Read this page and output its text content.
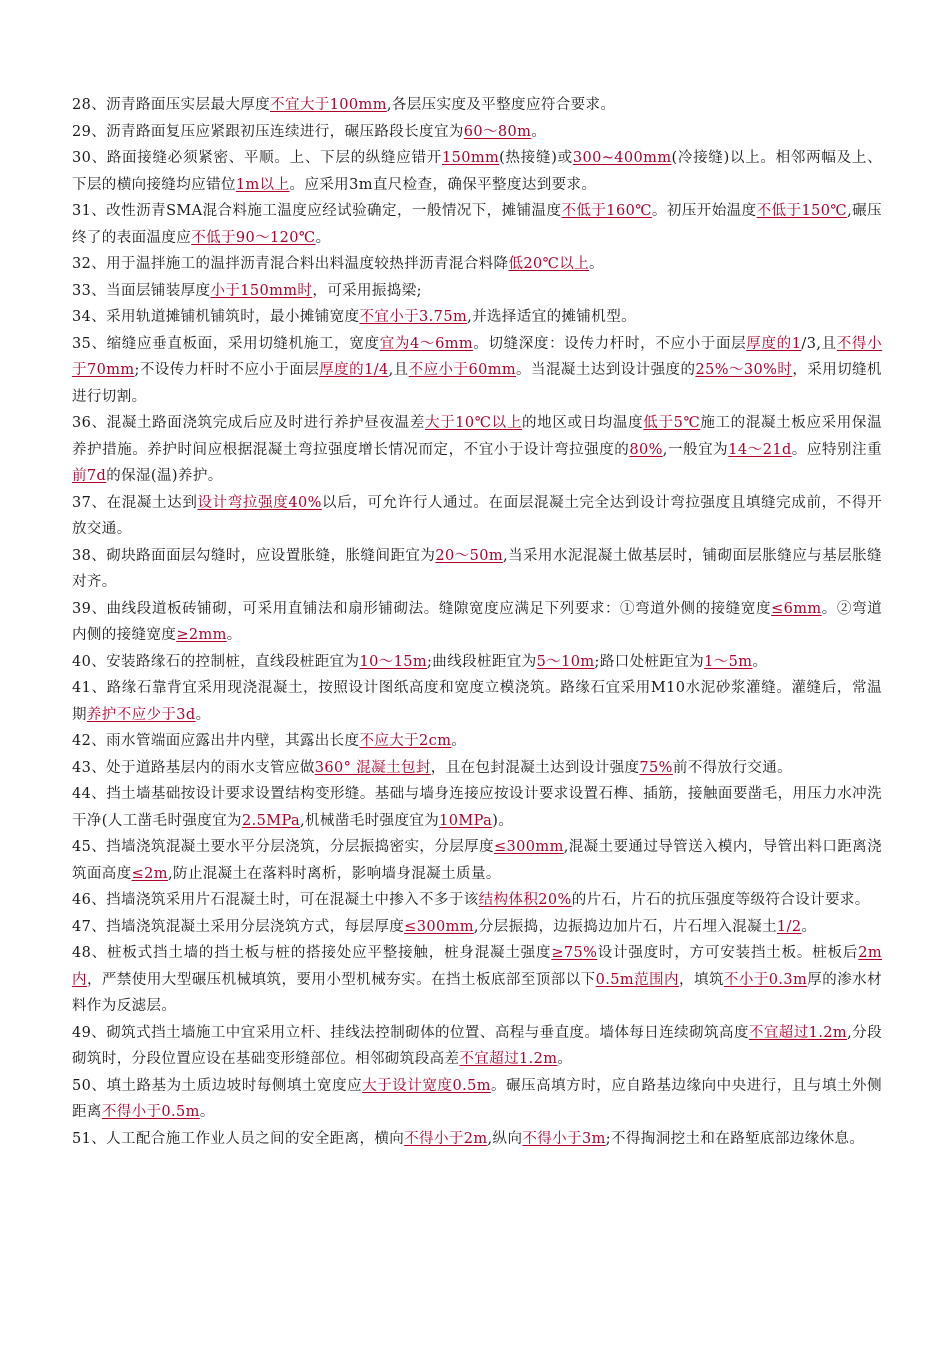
28、沥青路面压实层最大厚度不宜大于100mm,各层压实度及平整度应符合要求。

29、沥青路面复压应紧跟初压连续进行，碾压路段长度宜为60～80m。

30、路面接缝必须紧密、平顺。上、下层的纵缝应错开150mm(热接缝)或300~400mm(冷接缝)以上。相邻两幅及上、下层的横向接缝均应错位1m以上。应采用3m直尺检查，确保平整度达到要求。

31、改性沥青SMA混合料施工温度应经试验确定，一般情况下，摊铺温度不低于160℃。初压开始温度不低于150℃,碾压终了的表面温度应不低于90～120℃。

32、用于温拌施工的温拌沥青混合料出料温度较热拌沥青混合料降低20℃以上。

33、当面层铺装厚度小于150mm时，可采用振捣梁;

34、采用轨道摊铺机铺筑时，最小摊铺宽度不宜小于3.75m,并选择适宜的摊铺机型。

35、缩缝应垂直板面，采用切缝机施工，宽度宜为4～6mm。切缝深度：设传力杆时，不应小于面层厚度的1/3,且不得小于70mm;不设传力杆时不应小于面层厚度的1/4,且不应小于60mm。当混凝土达到设计强度的25%～30%时，采用切缝机进行切割。

36、混凝土路面浇筑完成后应及时进行养护昼夜温差大于10℃以上的地区或日均温度低于5℃施工的混凝土板应采用保温养护措施。养护时间应根据混凝土弯拉强度增长情况而定，不宜小于设计弯拉强度的80%,一般宜为14～21d。应特别注重前7d的保湿(温)养护。

37、在混凝土达到设计弯拉强度40%以后，可允许行人通过。在面层混凝土完全达到设计弯拉强度且填缝完成前，不得开放交通。

38、砌块路面面层勾缝时，应设置胀缝，胀缝间距宜为20～50m,当采用水泥混凝土做基层时，铺砌面层胀缝应与基层胀缝对齐。

39、曲线段道板砖铺砌，可采用直铺法和扇形铺砌法。缝隙宽度应满足下列要求：①弯道外侧的接缝宽度≤6mm。②弯道内侧的接缝宽度≥2mm。

40、安装路缘石的控制桩，直线段桩距宜为10～15m;曲线段桩距宜为5～10m;路口处桩距宜为1～5m。

41、路缘石靠背宜采用现浇混凝土，按照设计图纸高度和宽度立模浇筑。路缘石宜采用M10水泥砂浆灌缝。灌缝后，常温期养护不应少于3d。

42、雨水管端面应露出井内壁，其露出长度不应大于2cm。

43、处于道路基层内的雨水支管应做360° 混凝土包封，且在包封混凝土达到设计强度75%前不得放行交通。

44、挡土墙基础按设计要求设置结构变形缝。基础与墙身连接应按设计要求设置石榫、插筋，接触面要凿毛，用压力水冲洗干净(人工凿毛时强度宜为2.5MPa,机械凿毛时强度宜为10MPa)。

45、挡墙浇筑混凝土要水平分层浇筑，分层振捣密实，分层厚度≤300mm,混凝土要通过导管送入模内，导管出料口距离浇筑面高度≤2m,防止混凝土在落料时离析，影响墙身混凝土质量。

46、挡墙浇筑采用片石混凝土时，可在混凝土中掺入不多于该结构体积20%的片石，片石的抗压强度等级符合设计要求。

47、挡墙浇筑混凝土采用分层浇筑方式，每层厚度≤300mm,分层振捣，边振捣边加片石，片石埋入混凝土1/2。

48、桩板式挡土墙的挡土板与桩的搭接处应平整接触，桩身混凝土强度≥75%设计强度时，方可安装挡土板。桩板后2m内，严禁使用大型碾压机械填筑，要用小型机械夯实。在挡土板底部至顶部以下0.5m范围内，填筑不小于0.3m厚的渗水材料作为反滤层。

49、砌筑式挡土墙施工中宜采用立杆、挂线法控制砌体的位置、高程与垂直度。墙体每日连续砌筑高度不宜超过1.2m,分段砌筑时，分段位置应设在基础变形缝部位。相邻砌筑段高差不宜超过1.2m。

50、填土路基为土质边坡时每侧填土宽度应大于设计宽度0.5m。碾压高填方时，应自路基边缘向中央进行，且与填土外侧距离不得小于0.5m。

51、人工配合施工作业人员之间的安全距离，横向不得小于2m,纵向不得小于3m;不得掏洞挖土和在路堑底部边缘休息。
